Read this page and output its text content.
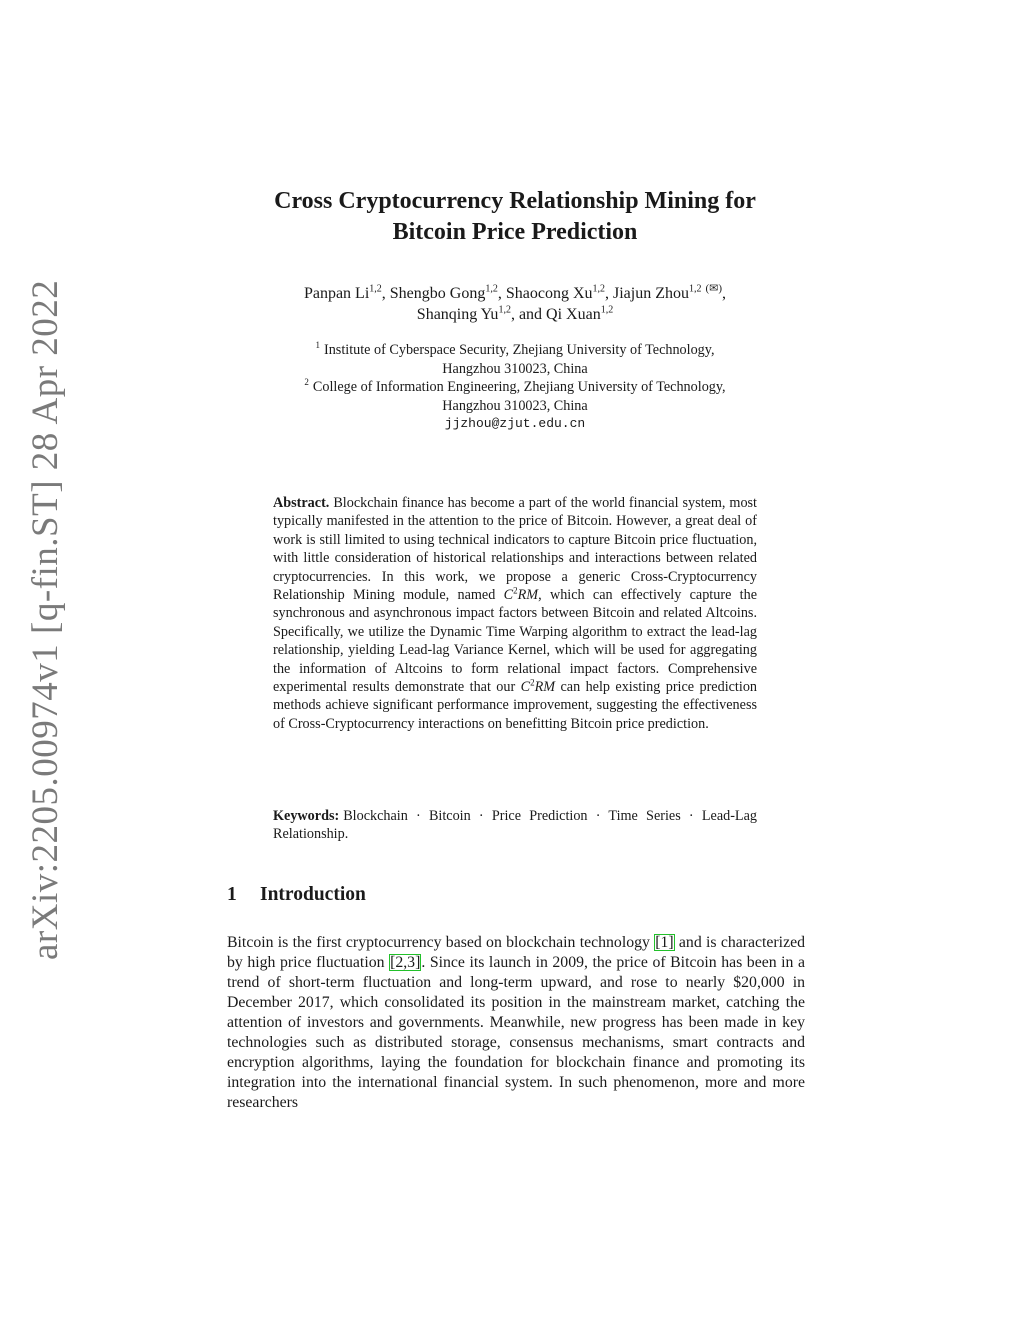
arXiv:2205.00974v1 [q-fin.ST] 28 Apr 2022
Cross Cryptocurrency Relationship Mining for
Bitcoin Price Prediction
Panpan Li$^{1,2}$, Shengbo Gong$^{1,2}$, Shaocong Xu$^{1,2}$, Jiajun Zhou$^{1,2}$ (✉),
Shanqing Yu$^{1,2}$, and Qi Xuan$^{1,2}$
$^1$ Institute of Cyberspace Security, Zhejiang University of Technology,
Hangzhou 310023, China
$^2$ College of Information Engineering, Zhejiang University of Technology,
Hangzhou 310023, China
jjzhou@zjut.edu.cn
Abstract. Blockchain finance has become a part of the world financial system, most typically manifested in the attention to the price of Bitcoin. However, a great deal of work is still limited to using technical indicators to capture Bitcoin price fluctuation, with little consideration of historical relationships and interactions between related cryptocurrencies. In this work, we propose a generic Cross-Cryptocurrency Relationship Mining module, named $C^2RM$, which can effectively capture the synchronous and asynchronous impact factors between Bitcoin and related Altcoins. Specifically, we utilize the Dynamic Time Warping algorithm to extract the lead-lag relationship, yielding Lead-lag Variance Kernel, which will be used for aggregating the information of Altcoins to form relational impact factors. Comprehensive experimental results demonstrate that our $C^2RM$ can help existing price prediction methods achieve significant performance improvement, suggesting the effectiveness of Cross-Cryptocurrency interactions on benefitting Bitcoin price prediction.
Keywords: Blockchain · Bitcoin · Price Prediction · Time Series · Lead-Lag Relationship.
1 Introduction
Bitcoin is the first cryptocurrency based on blockchain technology [1] and is characterized by high price fluctuation [2,3]. Since its launch in 2009, the price of Bitcoin has been in a trend of short-term fluctuation and long-term upward, and rose to nearly $20,000 in December 2017, which consolidated its position in the mainstream market, catching the attention of investors and governments. Meanwhile, new progress has been made in key technologies such as distributed storage, consensus mechanisms, smart contracts and encryption algorithms, laying the foundation for blockchain finance and promoting its integration into the international financial system. In such phenomenon, more and more researchers
